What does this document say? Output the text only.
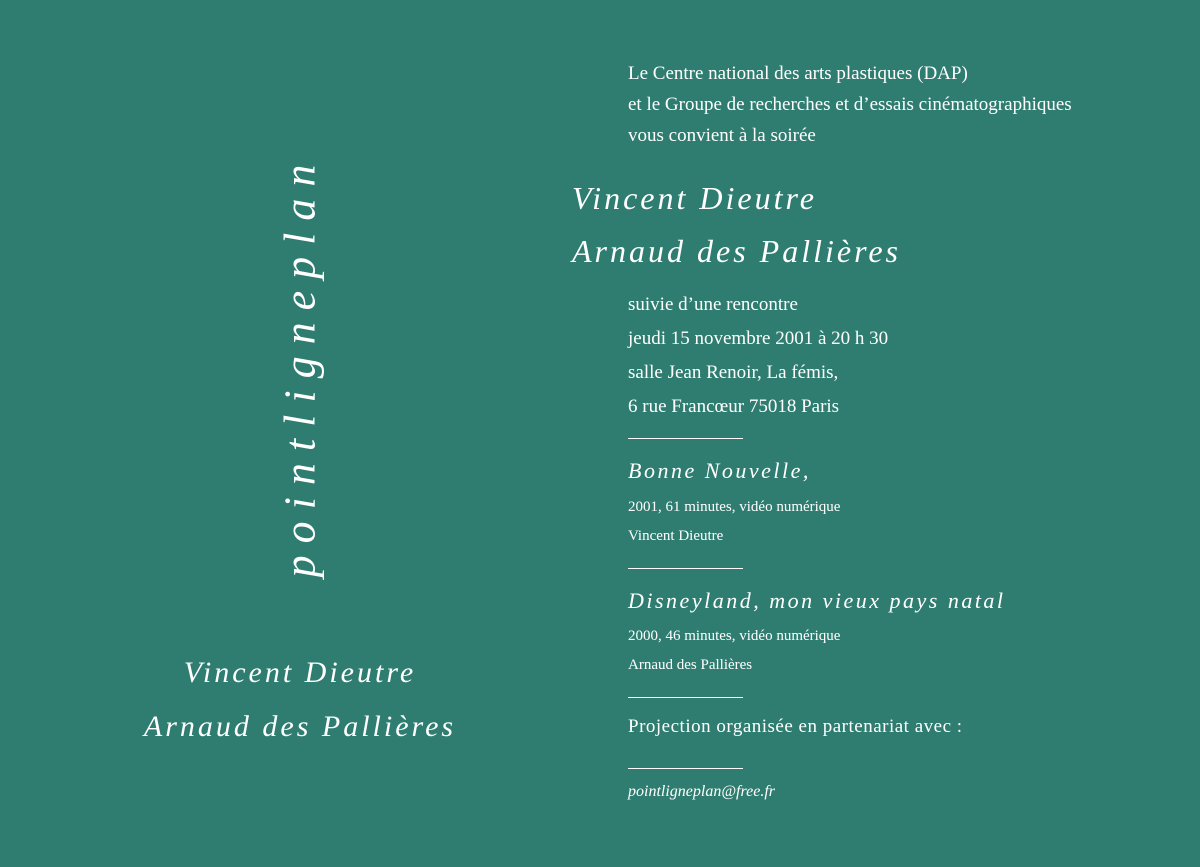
pointligneplan
Vincent Dieutre
Arnaud des Pallières
Le Centre national des arts plastiques (DAP)
et le Groupe de recherches et d’essais cinématographiques
vous convient à la soirée
Vincent Dieutre
Arnaud des Pallières
suivie d’une rencontre
jeudi 15 novembre 2001 à 20 h 30
salle Jean Renoir, La fémis,
6 rue Francœur 75018 Paris
Bonne Nouvelle,
2001, 61 minutes, vidéo numérique
Vincent Dieutre
Disneyland, mon vieux pays natal
2000, 46 minutes, vidéo numérique
Arnaud des Pallières
Projection organisée en partenariat avec :
pointligneplan@free.fr
